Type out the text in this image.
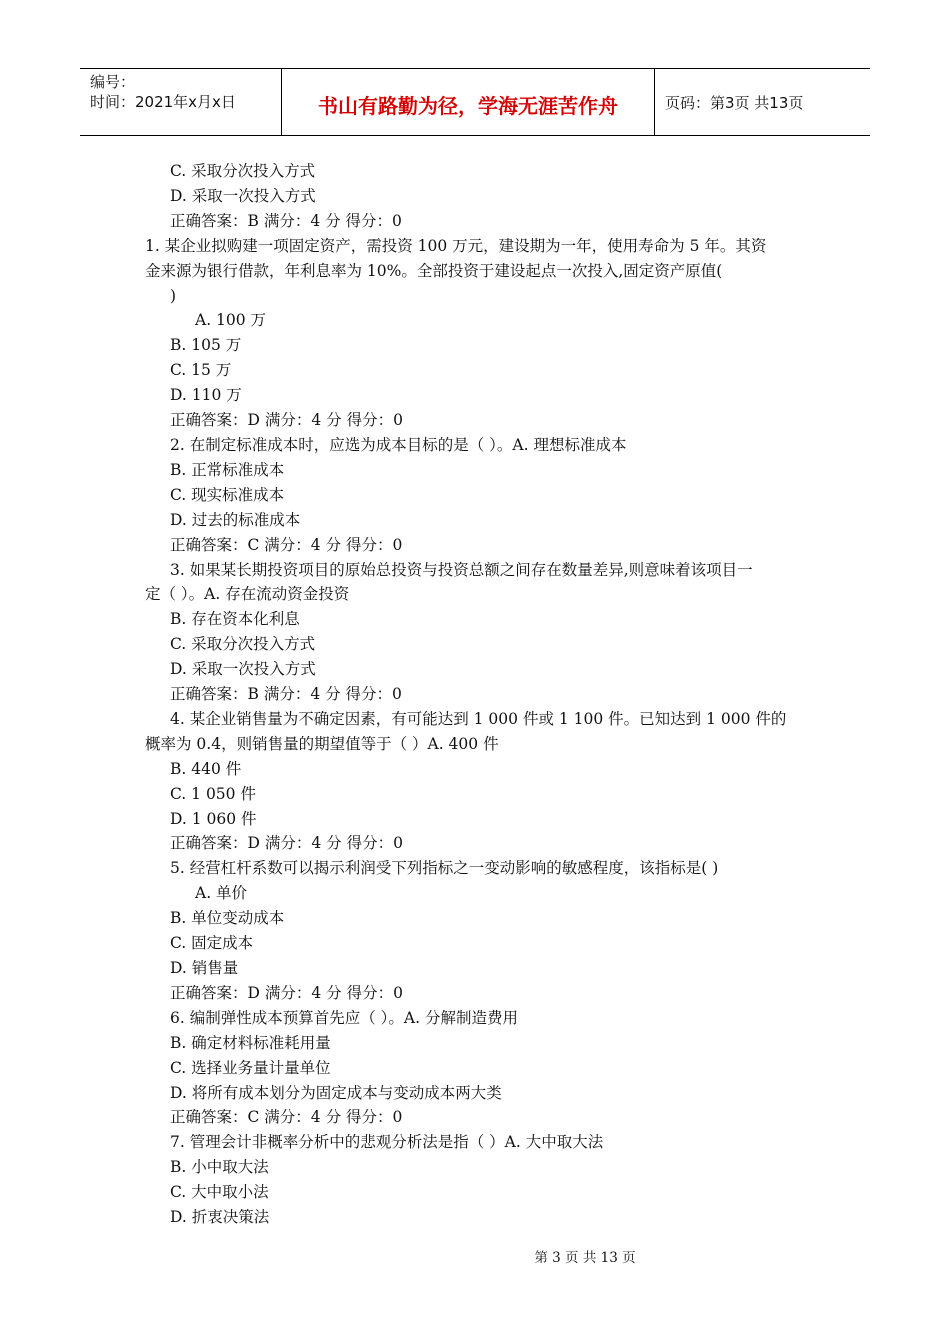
编号：
时间：2021年x月x日	书山有路勤为径，学海无涯苦作舟	页码：第3页 共13页
C. 采取分次投入方式
D. 采取一次投入方式
正确答案：B 满分：4 分 得分：0
1. 某企业拟购建一项固定资产，需投资 100 万元，建设期为一年，使用寿命为 5 年。其资
金来源为银行借款，年利息率为 10%。全部投资于建设起点一次投入,固定资产原值(
)
A. 100 万
B. 105 万
C. 15 万
D. 110 万
正确答案：D 满分：4 分 得分：0
2. 在制定标准成本时，应选为成本目标的是（ ）。A. 理想标准成本
B. 正常标准成本
C. 现实标准成本
D. 过去的标准成本
正确答案：C 满分：4 分 得分：0
3. 如果某长期投资项目的原始总投资与投资总额之间存在数量差异,则意味着该项目一
定（ ）。A. 存在流动资金投资
B. 存在资本化利息
C. 采取分次投入方式
D. 采取一次投入方式
正确答案：B 满分：4 分 得分：0
4. 某企业销售量为不确定因素，有可能达到 1 000 件或 1 100 件。已知达到 1 000 件的
概率为 0.4，则销售量的期望值等于（ ）A. 400 件
B. 440 件
C. 1 050 件
D. 1 060 件
正确答案：D 满分：4 分 得分：0
5. 经营杠杆系数可以揭示利润受下列指标之一变动影响的敏感程度，该指标是( )
A. 单价
B. 单位变动成本
C. 固定成本
D. 销售量
正确答案：D 满分：4 分 得分：0
6. 编制弹性成本预算首先应（ ）。A. 分解制造费用
B. 确定材料标准耗用量
C. 选择业务量计量单位
D. 将所有成本划分为固定成本与变动成本两大类
正确答案：C 满分：4 分 得分：0
7. 管理会计非概率分析中的悲观分析法是指（ ）A. 大中取大法
B. 小中取大法
C. 大中取小法
D. 折衷决策法
第 3 页 共 13 页
